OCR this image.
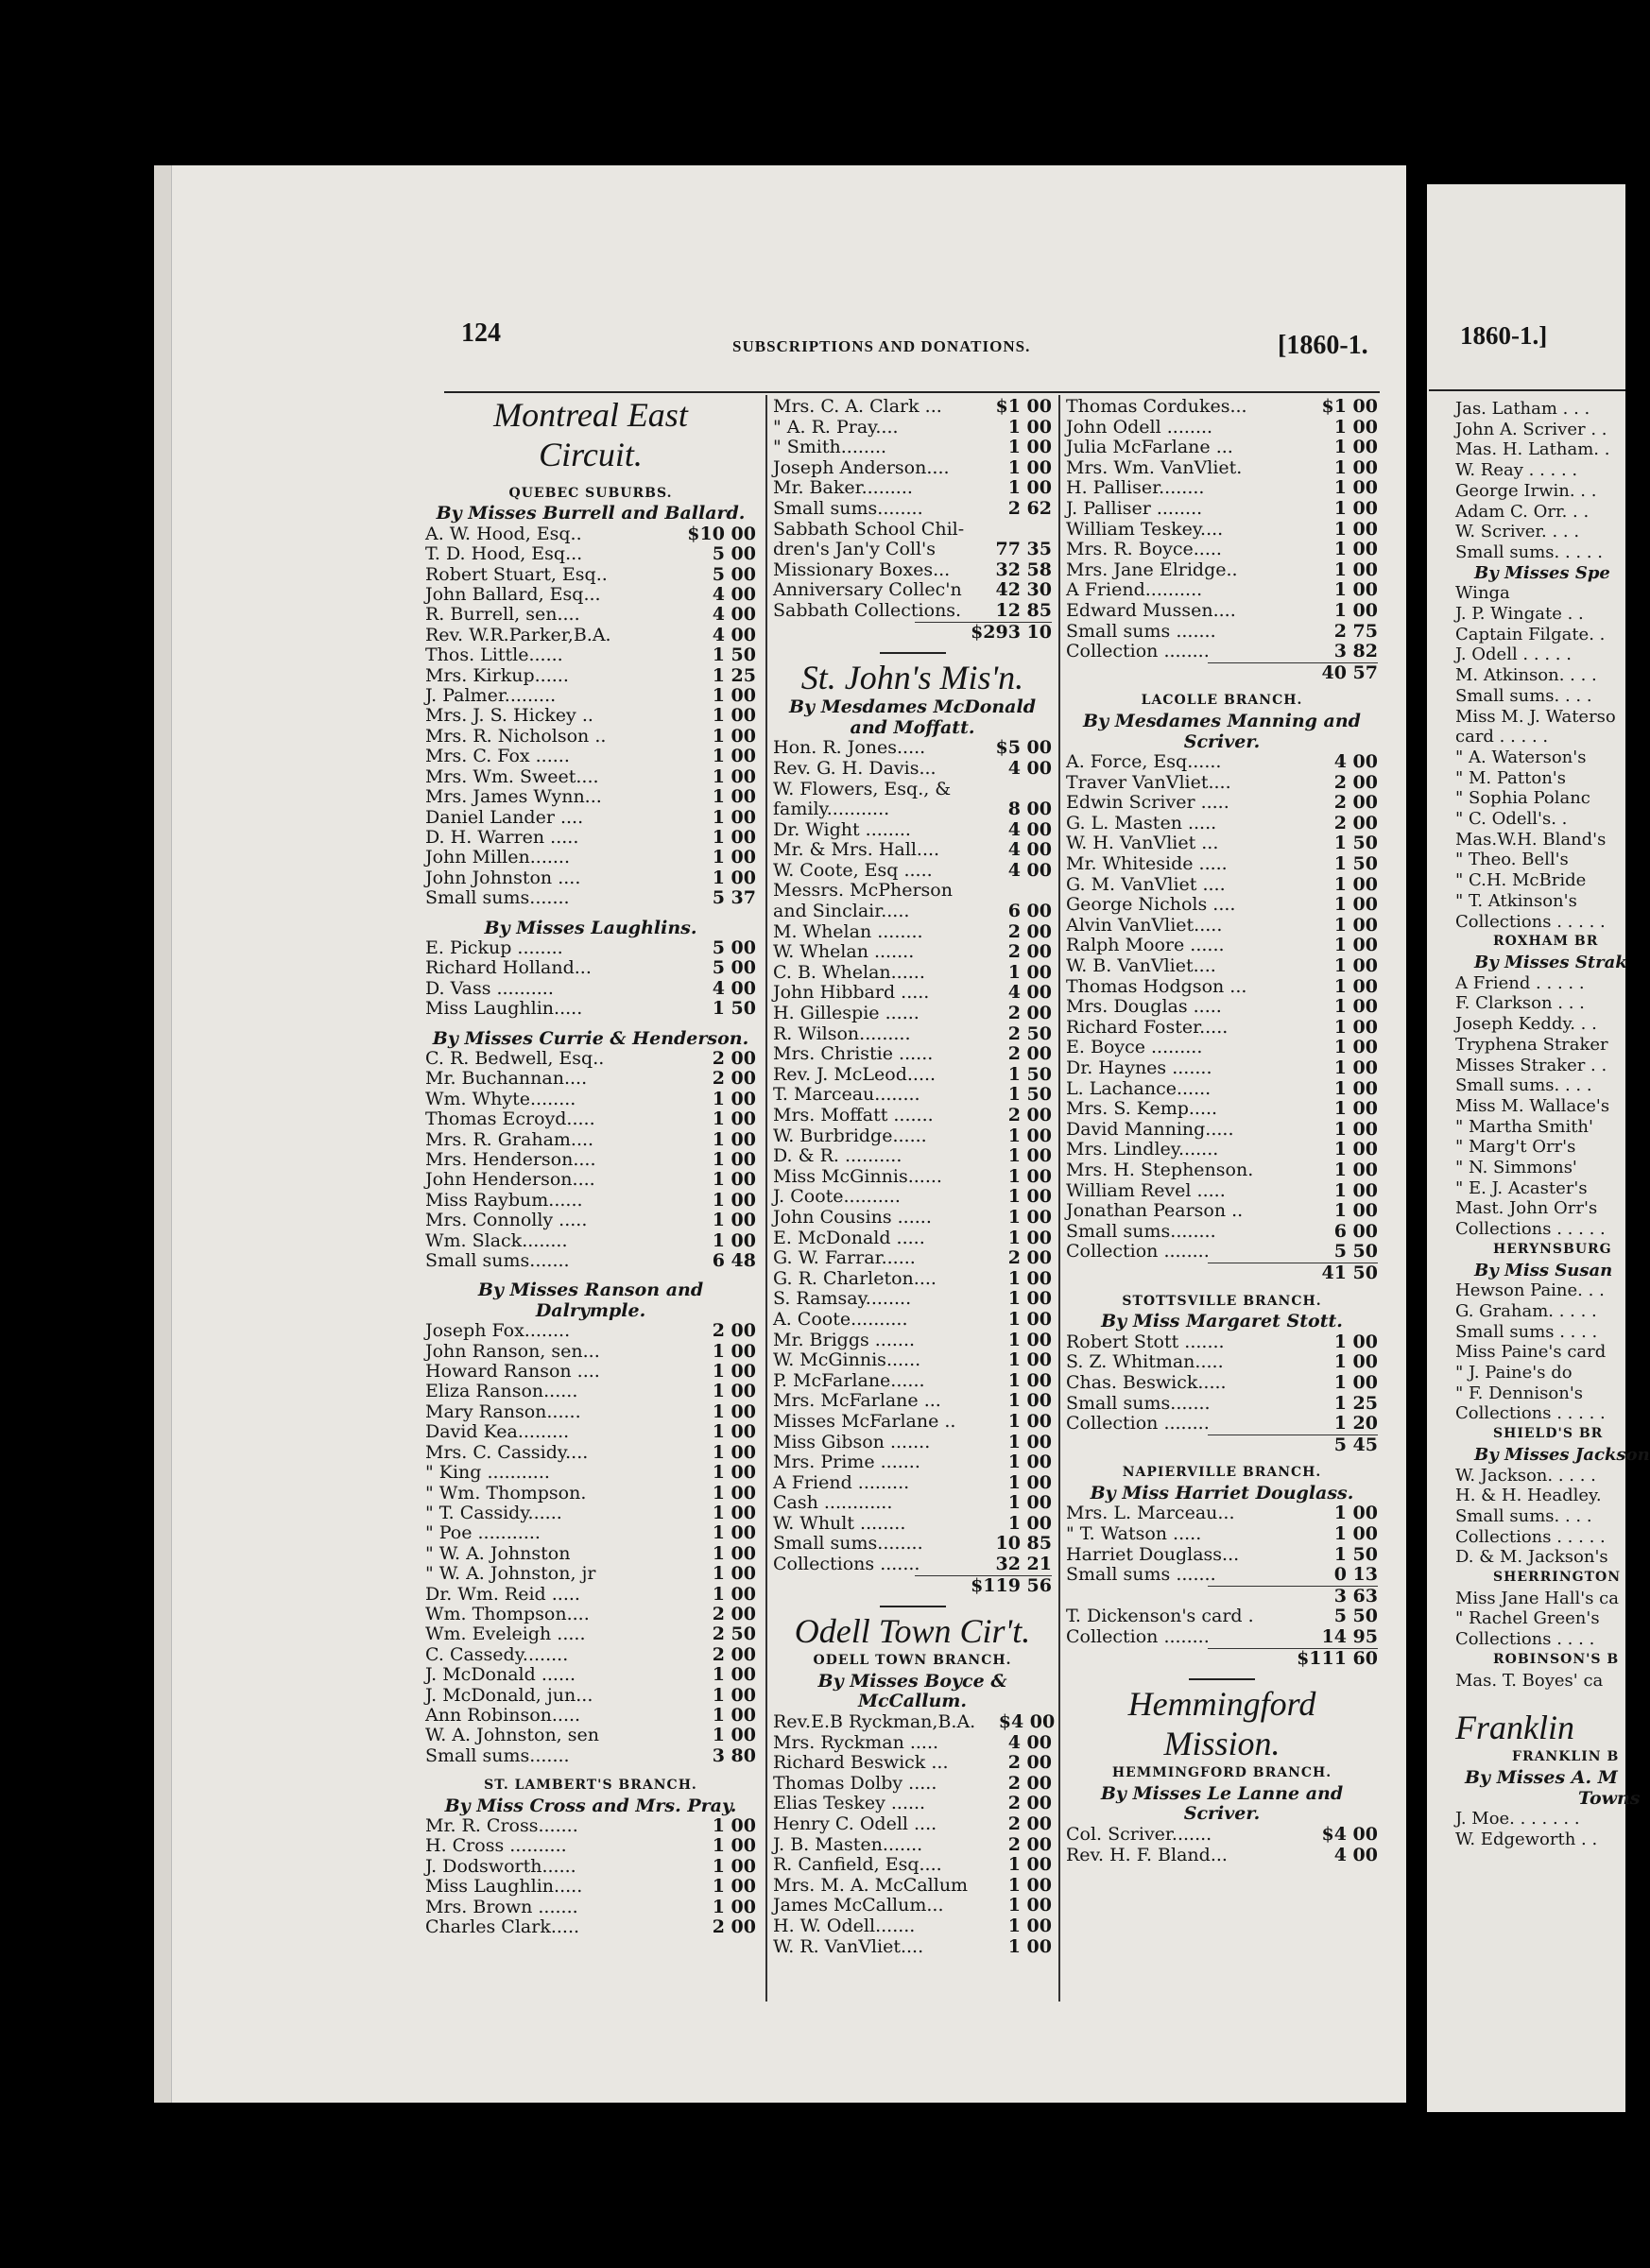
124	SUBSCRIPTIONS AND DONATIONS.	[1860-1.	1860-1.]
Montreal East Circuit.
QUEBEC SUBURBS.
By Misses Burrell and Ballard.
A. W. Hood, Esq..	$10 00
T. D. Hood, Esq...	5 00
Robert Stuart, Esq..	5 00
John Ballard, Esq...	4 00
R. Burrell, sen....	4 00
Rev. W.R.Parker,B.A.	4 00
Thos. Little......	1 50
Mrs. Kirkup......	1 25
J. Palmer.........	1 00
Mrs. J. S. Hickey ..	1 00
Mrs. R. Nicholson ..	1 00
Mrs. C. Fox ......	1 00
Mrs. Wm. Sweet....	1 00
Mrs. James Wynn...	1 00
Daniel Lander ....	1 00
D. H. Warren .....	1 00
John Millen.......	1 00
John Johnston ....	1 00
Small sums.......	5 37
By Misses Laughlins.
E. Pickup ........	5 00
Richard Holland...	5 00
D. Vass ..........	4 00
Miss Laughlin.....	1 50
By Misses Currie & Henderson.
C. R. Bedwell, Esq..	2 00
Mr. Buchannan....	2 00
Wm. Whyte........	1 00
Thomas Ecroyd.....	1 00
Mrs. R. Graham....	1 00
Mrs. Henderson....	1 00
John Henderson....	1 00
Miss Raybum......	1 00
Mrs. Connolly .....	1 00
Wm. Slack........	1 00
Small sums.......	6 48
By Misses Ranson and Dalrymple.
Joseph Fox........	2 00
John Ranson, sen...	1 00
Howard Ranson ....	1 00
Eliza Ranson......	1 00
Mary Ranson......	1 00
David Kea.........	1 00
Mrs. C. Cassidy....	1 00
" King ...........	1 00
" Wm. Thompson.	1 00
" T. Cassidy......	1 00
" Poe ...........	1 00
" W. A. Johnston	1 00
" W. A. Johnston, jr	1 00
Dr. Wm. Reid .....	1 00
Wm. Thompson....	2 00
Wm. Eveleigh .....	2 50
C. Cassedy........	2 00
J. McDonald ......	1 00
J. McDonald, jun...	1 00
Ann Robinson.....	1 00
W. A. Johnston, sen	1 00
Small sums.......	3 80
ST. LAMBERT'S BRANCH.
By Miss Cross and Mrs. Pray.
Mr. R. Cross.......	1 00
H. Cross ..........	1 00
J. Dodsworth......	1 00
Miss Laughlin.....	1 00
Mrs. Brown .......	1 00
Charles Clark.....	2 00
Mrs. C. A. Clark ...	$1 00
" A. R. Pray....	1 00
" Smith........	1 00
Joseph Anderson....	1 00
Mr. Baker.........	1 00
Small sums........	2 62
Sabbath School Chil-
dren's Jan'y Coll's	77 35
Missionary Boxes...	32 58
Anniversary Collec'n	42 30
Sabbath Collections.	12 85
$293 10
St. John's Mis'n.
By Mesdames McDonald and Moffatt.
Hon. R. Jones.....	$5 00
Rev. G. H. Davis...	4 00
W. Flowers, Esq., &
family...........	8 00
Dr. Wight ........	4 00
Mr. & Mrs. Hall....	4 00
W. Coote, Esq .....	4 00
Messrs. McPherson
and Sinclair.....	6 00
M. Whelan ........	2 00
W. Whelan .......	2 00
C. B. Whelan......	1 00
John Hibbard .....	4 00
H. Gillespie ......	2 00
R. Wilson.........	2 50
Mrs. Christie ......	2 00
Rev. J. McLeod.....	1 50
T. Marceau........	1 50
Mrs. Moffatt .......	2 00
W. Burbridge......	1 00
D. & R. ..........	1 00
Miss McGinnis......	1 00
J. Coote..........	1 00
John Cousins ......	1 00
E. McDonald .....	1 00
G. W. Farrar......	2 00
G. R. Charleton....	1 00
S. Ramsay........	1 00
A. Coote..........	1 00
Mr. Briggs .......	1 00
W. McGinnis......	1 00
P. McFarlane......	1 00
Mrs. McFarlane ...	1 00
Misses McFarlane ..	1 00
Miss Gibson .......	1 00
Mrs. Prime .......	1 00
A Friend .........	1 00
Cash ............	1 00
W. Whult ........	1 00
Small sums........	10 85
Collections .......	32 21
$119 56
Odell Town Cir't.
ODELL TOWN BRANCH.
By Misses Boyce & McCallum.
Rev.E.B Ryckman,B.A.	$4 00
Mrs. Ryckman .....	4 00
Richard Beswick ...	2 00
Thomas Dolby .....	2 00
Elias Teskey ......	2 00
Henry C. Odell ....	2 00
J. B. Masten.......	2 00
R. Canfield, Esq....	1 00
Mrs. M. A. McCallum	1 00
James McCallum...	1 00
H. W. Odell.......	1 00
W. R. VanVliet....	1 00
Thomas Cordukes...	$1 00
John Odell ........	1 00
Julia McFarlane ...	1 00
Mrs. Wm. VanVliet.	1 00
H. Palliser........	1 00
J. Palliser ........	1 00
William Teskey....	1 00
Mrs. R. Boyce.....	1 00
Mrs. Jane Elridge..	1 00
A Friend..........	1 00
Edward Mussen....	1 00
Small sums .......	2 75
Collection ........	3 82
40 57
LACOLLE BRANCH.
By Mesdames Manning and Scriver.
A. Force, Esq......	4 00
Traver VanVliet....	2 00
Edwin Scriver .....	2 00
G. L. Masten .....	2 00
W. H. VanVliet ...	1 50
Mr. Whiteside .....	1 50
G. M. VanVliet ....	1 00
George Nichols ....	1 00
Alvin VanVliet.....	1 00
Ralph Moore ......	1 00
W. B. VanVliet....	1 00
Thomas Hodgson ...	1 00
Mrs. Douglas .....	1 00
Richard Foster.....	1 00
E. Boyce .........	1 00
Dr. Haynes .......	1 00
L. Lachance......	1 00
Mrs. S. Kemp.....	1 00
David Manning.....	1 00
Mrs. Lindley.......	1 00
Mrs. H. Stephenson.	1 00
William Revel .....	1 00
Jonathan Pearson ..	1 00
Small sums........	6 00
Collection ........	5 50
41 50
STOTTSVILLE BRANCH.
By Miss Margaret Stott.
Robert Stott .......	1 00
S. Z. Whitman.....	1 00
Chas. Beswick.....	1 00
Small sums.......	1 25
Collection ........	1 20
5 45
NAPIERVILLE BRANCH.
By Miss Harriet Douglass.
Mrs. L. Marceau...	1 00
" T. Watson .....	1 00
Harriet Douglass...	1 50
Small sums .......	0 13
3 63
T. Dickenson's card .	5 50
Collection ........	14 95
$111 60
Hemmingford Mission.
HEMMINGFORD BRANCH.
By Misses Le Lanne and Scriver.
Col. Scriver.......	$4 00
Rev. H. F. Bland...	4 00
Jas. Latham . . .
John A. Scriver . .
Mas. H. Latham. .
W. Reay . . . . .
George Irwin. . .
Adam C. Orr. . .
W. Scriver. . . .
Small sums. . . . .
By Misses Spe
Winga
J. P. Wingate . .
Captain Filgate. .
J. Odell . . . . .
M. Atkinson. . . .
Small sums. . . .
Miss M. J. Waterso
card . . . . .
" A. Waterson's
" M. Patton's
" Sophia Polanc
" C. Odell's. .
Mas.W.H. Bland's
" Theo. Bell's
" C.H. McBride
" T. Atkinson's
Collections . . . . .
ROXHAM BR
By Misses Strak
A Friend . . . . .
F. Clarkson . . .
Joseph Keddy. . .
Tryphena Straker
Misses Straker . .
Small sums. . . .
Miss M. Wallace's
" Martha Smith'
" Marg't Orr's
" N. Simmons'
" E. J. Acaster's
Mast. John Orr's
Collections . . . . .
HERYNSBURG
By Miss Susan
Hewson Paine. . .
G. Graham. . . . .
Small sums . . . .
Miss Paine's card
" J. Paine's do
" F. Dennison's
Collections . . . . .
SHIELD'S BR
By Misses Jackson
W. Jackson. . . . .
H. & H. Headley.
Small sums. . . .
Collections . . . . .
D. & M. Jackson's
SHERRINGTON
Miss Jane Hall's ca
" Rachel Green's
Collections . . . .
ROBINSON'S B
Mas. T. Boyes' ca
Franklin
FRANKLIN B
By Misses A. M
Towns
J. Moe. . . . . . .
W. Edgeworth . .
